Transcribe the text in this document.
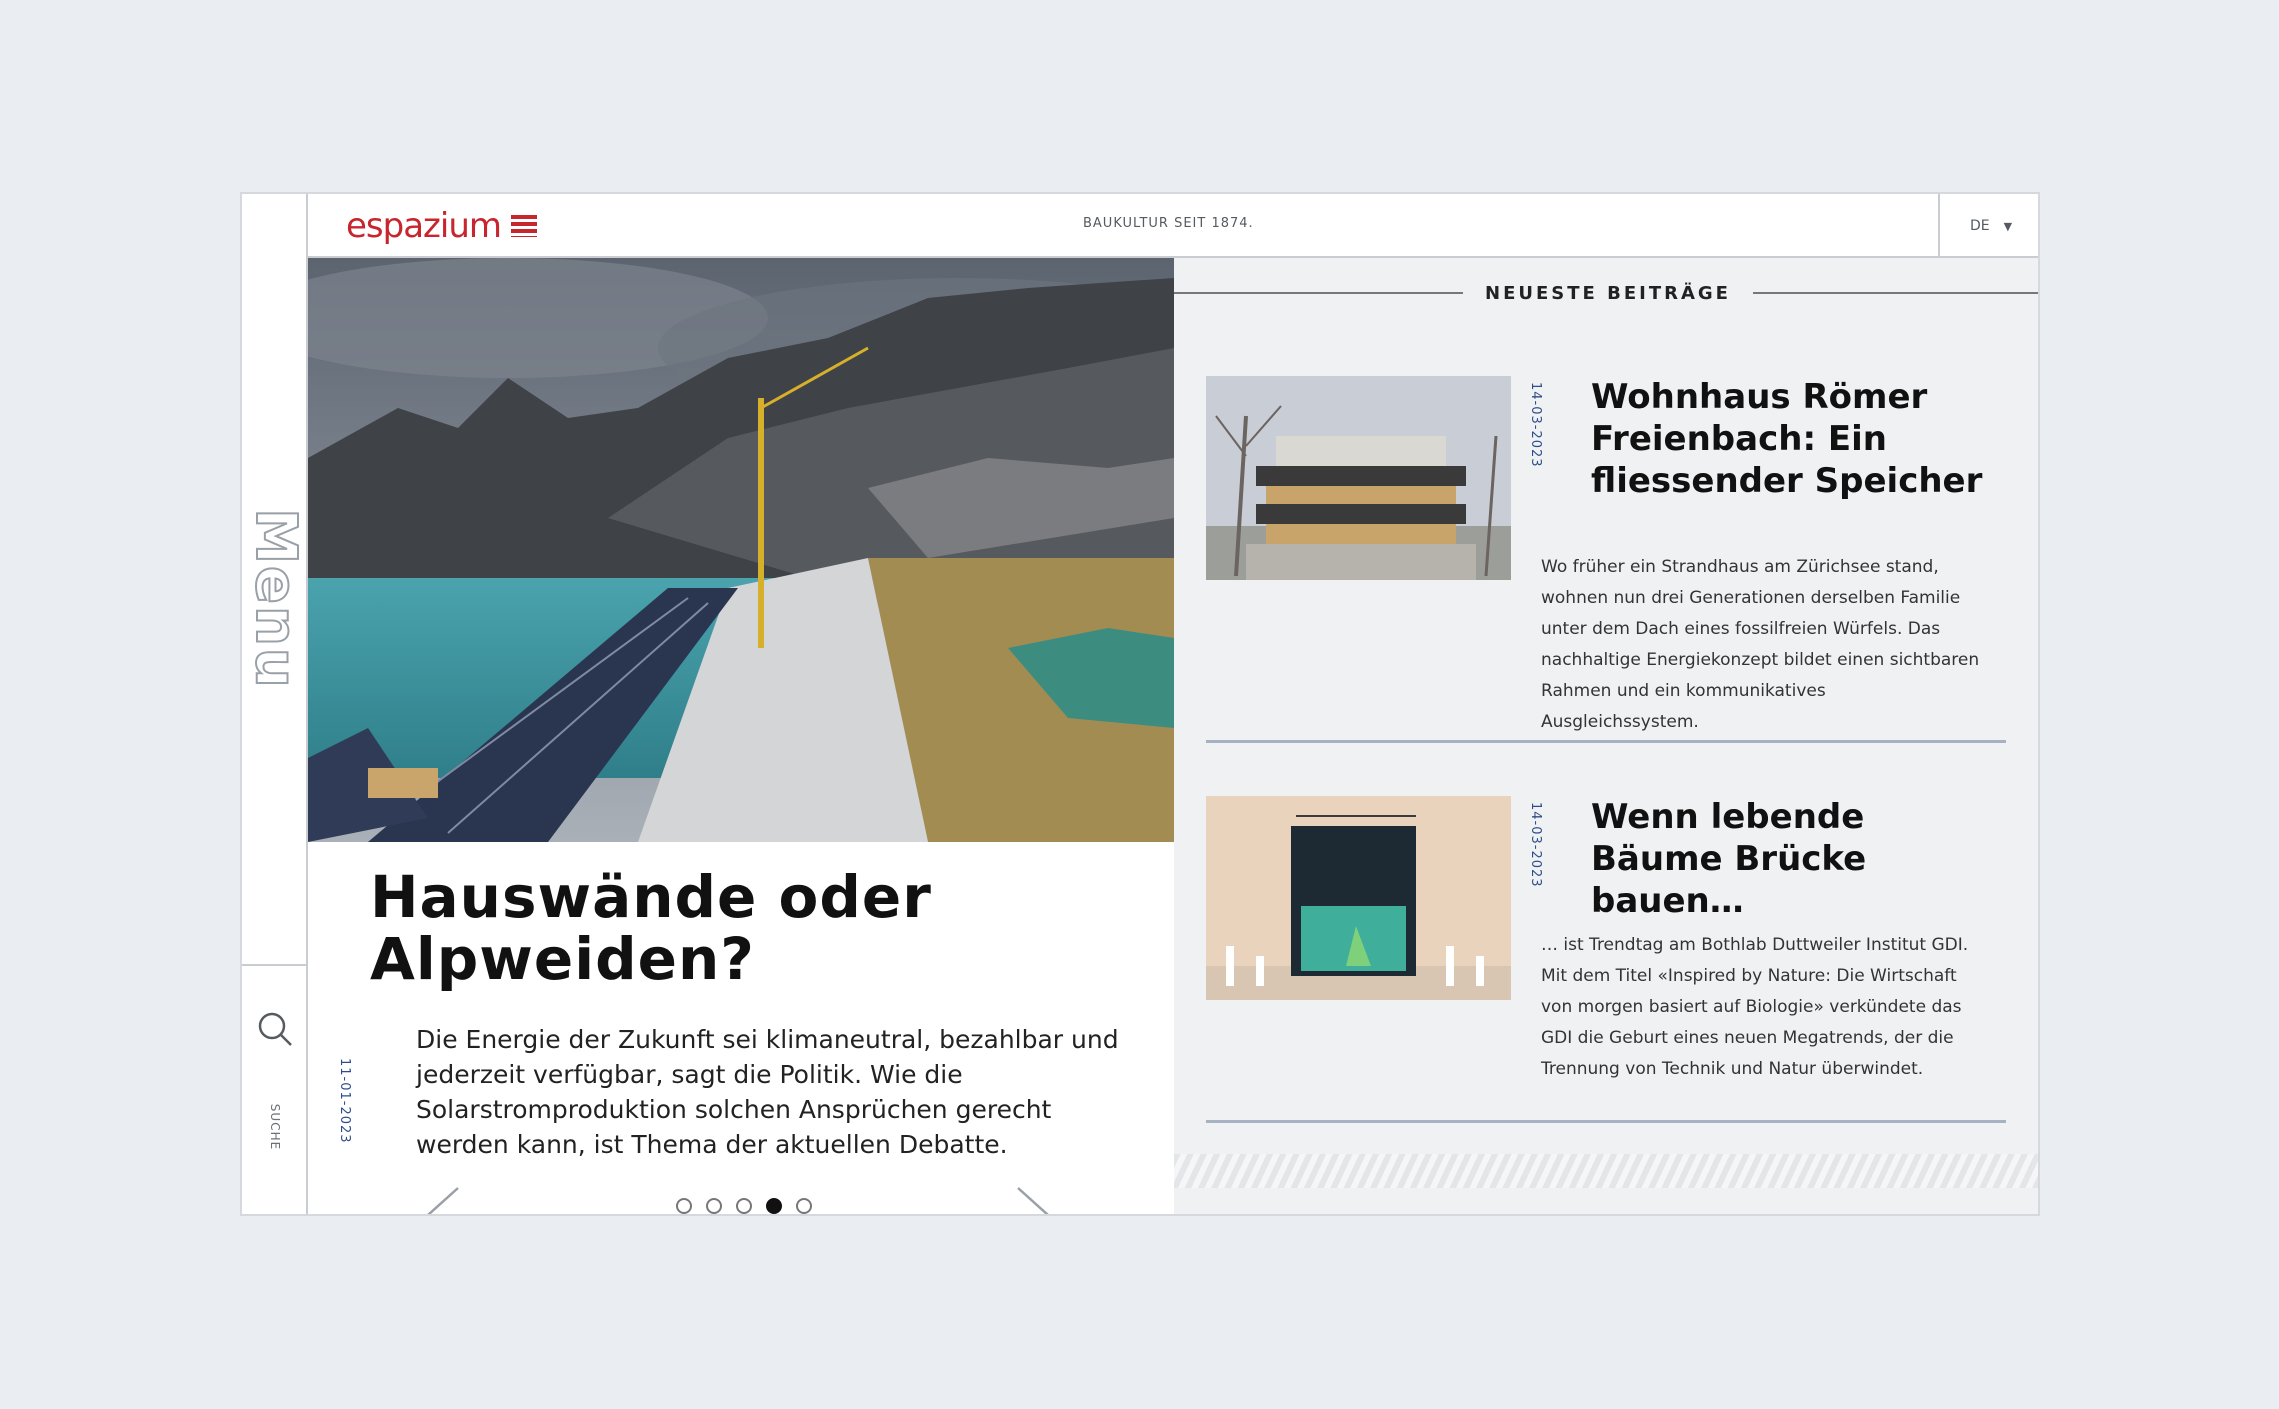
Menu
SUCHE
espazium	BAUKULTUR SEIT 1874.	DE ▼
Hauswände oder Alpweiden?
11-01-2023
Die Energie der Zukunft sei klimaneutral, bezahlbar und jederzeit verfügbar, sagt die Politik. Wie die Solarstromproduktion solchen Ansprüchen gerecht werden kann, ist Thema der aktuellen Debatte.
NEUESTE BEITRÄGE
14-03-2023 Wohnhaus Römer Freienbach: Ein fliessender Speicher
Wo früher ein Strandhaus am Zürichsee stand, wohnen nun drei Generationen derselben Familie unter dem Dach eines fossilfreien Würfels. Das nachhaltige Energiekonzept bildet einen sichtbaren Rahmen und ein kommunikatives Ausgleichssystem.
14-03-2023 Wenn lebende Bäume Brücke bauen…
… ist Trendtag am Bothlab Duttweiler Institut GDI. Mit dem Titel «Inspired by Nature: Die Wirtschaft von morgen basiert auf Biologie» verkündete das GDI die Geburt eines neuen Megatrends, der die Trennung von Technik und Natur überwindet.
